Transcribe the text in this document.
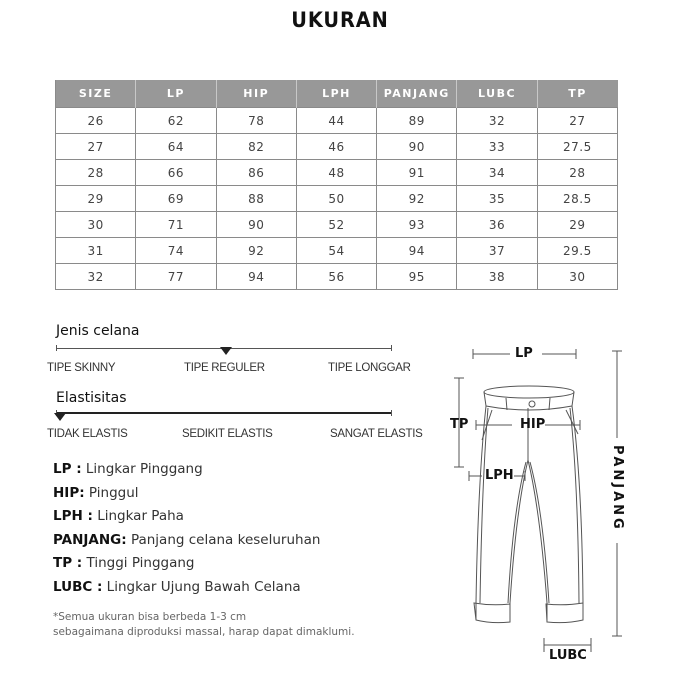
UKURAN
SIZE	LP	HIP	LPH	PANJANG	LUBC	TP
26	62	78	44	89	32	27
27	64	82	46	90	33	27.5
28	66	86	48	91	34	28
29	69	88	50	92	35	28.5
30	71	90	52	93	36	29
31	74	92	54	94	37	29.5
32	77	94	56	95	38	30
Jenis celana
TIPE SKINNY	TIPE REGULER	TIPE LONGGAR
Elastisitas
TIDAK ELASTIS	SEDIKIT ELASTIS	SANGAT ELASTIS
LP : Lingkar Pinggang
HIP: Pinggul
LPH : Lingkar Paha
PANJANG: Panjang celana keseluruhan
TP : Tinggi Pinggang
LUBC : Lingkar Ujung Bawah Celana
*Semua ukuran bisa berbeda 1-3 cm
sebagaimana diproduksi massal, harap dapat dimaklumi.
LP
TP	HIP
LPH	PANJANG
LUBC
